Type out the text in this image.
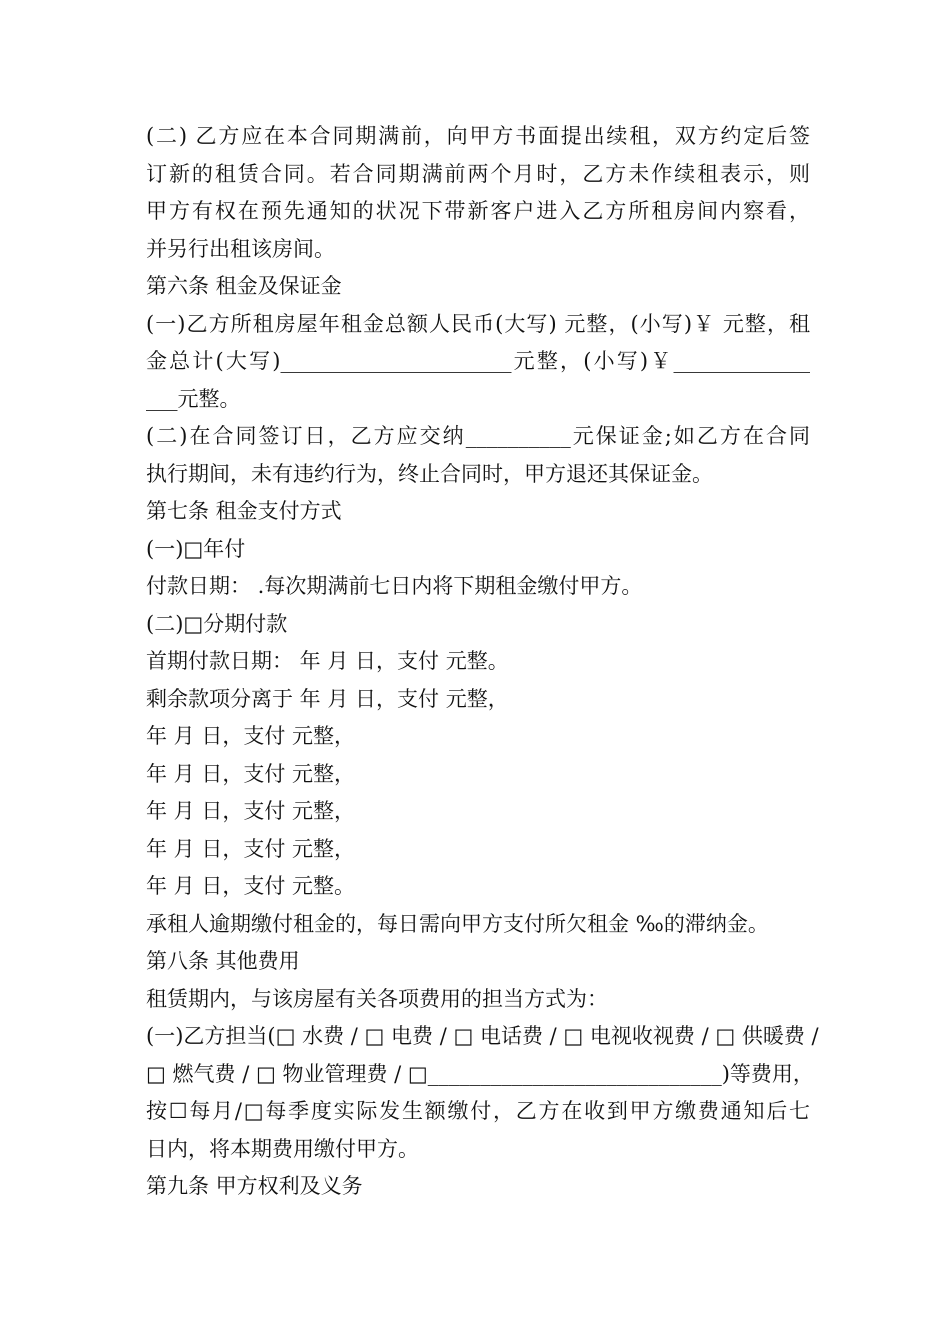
(二) 乙方应在本合同期满前，向甲方书面提出续租，双方约定后签
订新的租赁合同。若合同期满前两个月时，乙方未作续租表示，则
甲方有权在预先通知的状况下带新客户进入乙方所租房间内察看，
并另行出租该房间。
第六条 租金及保证金
(一)乙方所租房屋年租金总额人民币(大写) 元整，(小写)￥ 元整，租
金总计(大写)______________________元整，(小写)￥_____________
___元整。
(二)在合同签订日，乙方应交纳__________元保证金;如乙方在合同
执行期间，未有违约行为，终止合同时，甲方退还其保证金。
第七条 租金支付方式
(一)□年付
付款日期： .每次期满前七日内将下期租金缴付甲方。
(二)□分期付款
首期付款日期： 年 月 日，支付 元整。
剩余款项分离于 年 月 日，支付 元整，
年 月 日，支付 元整，
年 月 日，支付 元整，
年 月 日，支付 元整，
年 月 日，支付 元整，
年 月 日，支付 元整。
承租人逾期缴付租金的，每日需向甲方支付所欠租金 ‰的滞纳金。
第八条 其他费用
租赁期内，与该房屋有关各项费用的担当方式为：
(一)乙方担当(□ 水费 / □ 电费 / □ 电话费 / □ 电视收视费 / □ 供暖费 /
□ 燃气费 / □ 物业管理费 / □____________________________)等费用，
按☐每月/□每季度实际发生额缴付，乙方在收到甲方缴费通知后七
日内，将本期费用缴付甲方。
第九条 甲方权利及义务
